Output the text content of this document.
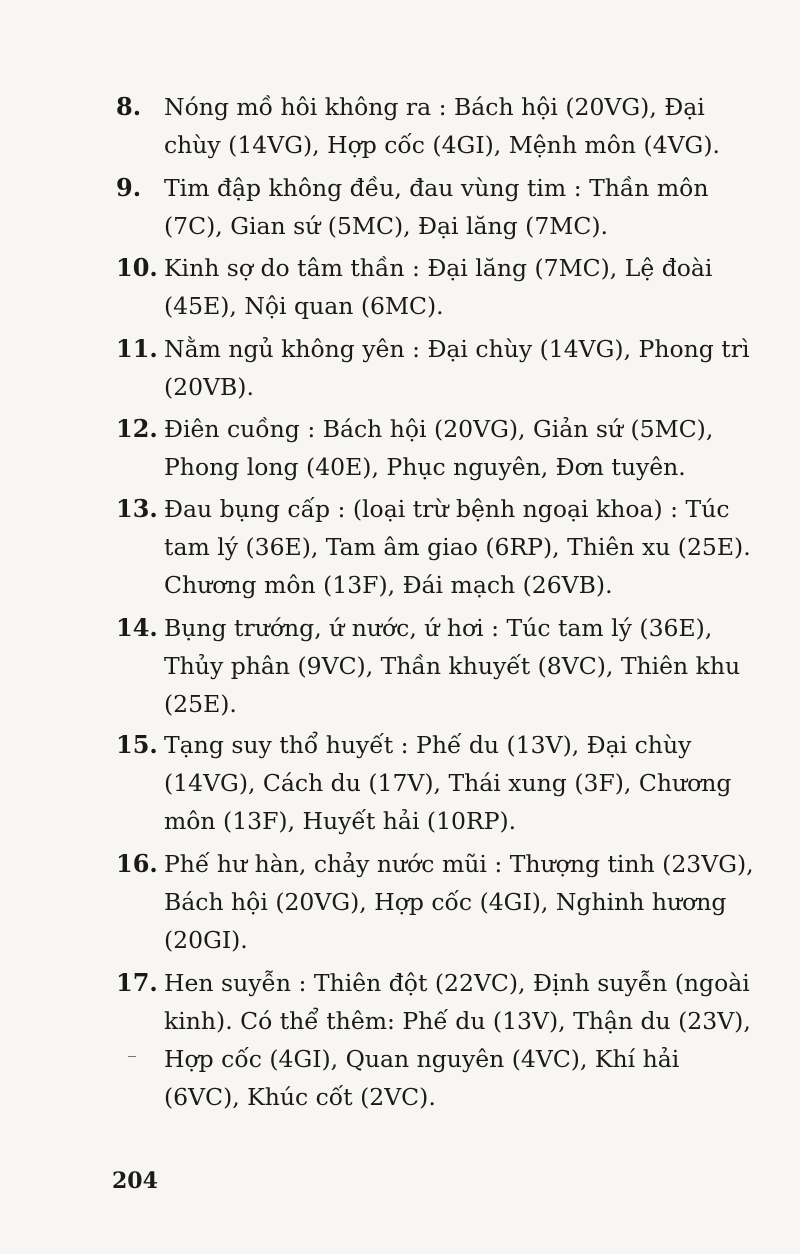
8. Nóng mồ hôi không ra : Bách hội (20VG), Đại
chùy (14VG), Hợp cốc (4GI), Mệnh môn (4VG).
9. Tim đập không đều, đau vùng tim : Thần môn
(7C), Gian sứ (5MC), Đại lăng (7MC).
10. Kinh sợ do tâm thần : Đại lăng (7MC), Lệ đoài
(45E), Nội quan (6MC).
11. Nằm ngủ không yên : Đại chùy (14VG), Phong trì
(20VB).
12. Điên cuồng : Bách hội (20VG), Giản sứ (5MC),
Phong long (40E), Phục nguyên, Đơn tuyên.
13. Đau bụng cấp : (loại trừ bệnh ngoại khoa) : Túc
tam lý (36E), Tam âm giao (6RP), Thiên xu (25E).
Chương môn (13F), Đái mạch (26VB).
14. Bụng trướng, ứ nước, ứ hơi : Túc tam lý (36E),
Thủy phân (9VC), Thần khuyết (8VC), Thiên khu
(25E).
15. Tạng suy thổ huyết : Phế du (13V), Đại chùy
(14VG), Cách du (17V), Thái xung (3F), Chương
môn (13F), Huyết hải (10RP).
16. Phế hư hàn, chảy nước mũi : Thượng tinh (23VG),
Bách hội (20VG), Hợp cốc (4GI), Nghinh hương
(20GI).
17. Hen suyễn : Thiên đột (22VC), Định suyễn (ngoài
kinh). Có thể thêm: Phế du (13V), Thận du (23V),
Hợp cốc (4GI), Quan nguyên (4VC), Khí hải
(6VC), Khúc cốt (2VC).
204
